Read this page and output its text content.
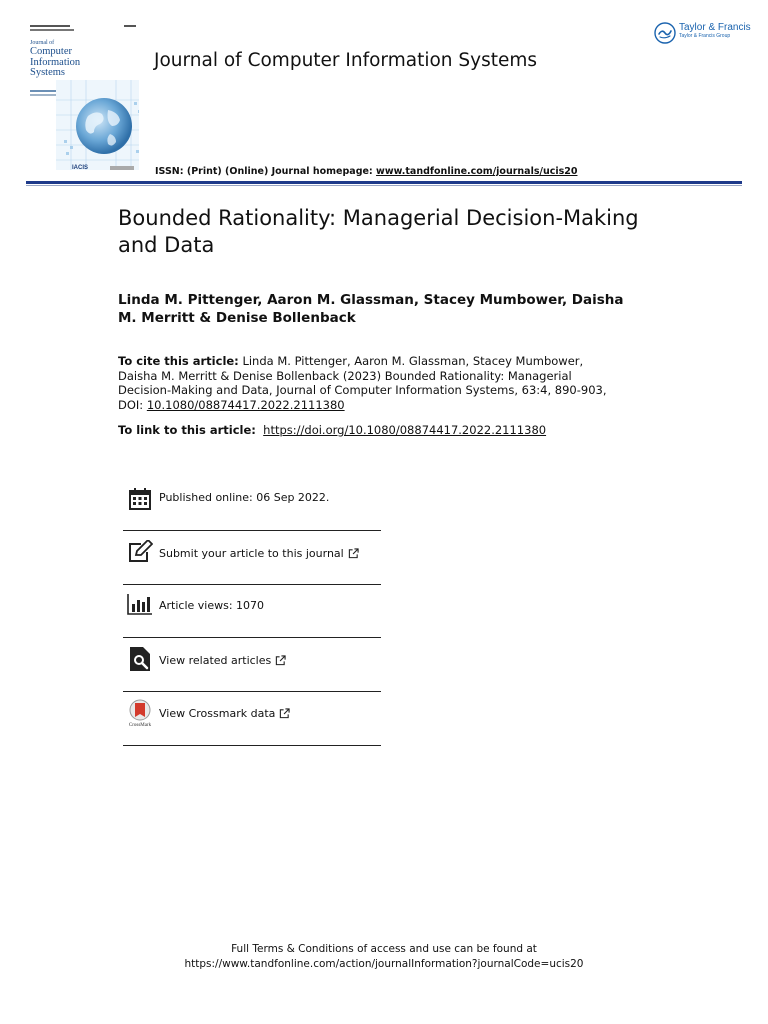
Journal of
Computer
Information
Systems
IACIS
Journal of Computer Information Systems
Taylor & Francis
Taylor & Francis Group
ISSN: (Print) (Online) Journal homepage: www.tandfonline.com/journals/ucis20
Bounded Rationality: Managerial Decision-Making and Data

Linda M. Pittenger, Aaron M. Glassman, Stacey Mumbower, Daisha M. Merritt & Denise Bollenback

To cite this article: Linda M. Pittenger, Aaron M. Glassman, Stacey Mumbower, Daisha M. Merritt & Denise Bollenback (2023) Bounded Rationality: Managerial Decision-Making and Data, Journal of Computer Information Systems, 63:4, 890-903, DOI: 10.1080/08874417.2022.2111380

To link to this article: https://doi.org/10.1080/08874417.2022.2111380
Published online: 06 Sep 2022.
Submit your article to this journal
Article views: 1070
View related articles
CrossMark
View Crossmark data
Full Terms & Conditions of access and use can be found at
https://www.tandfonline.com/action/journalInformation?journalCode=ucis20
